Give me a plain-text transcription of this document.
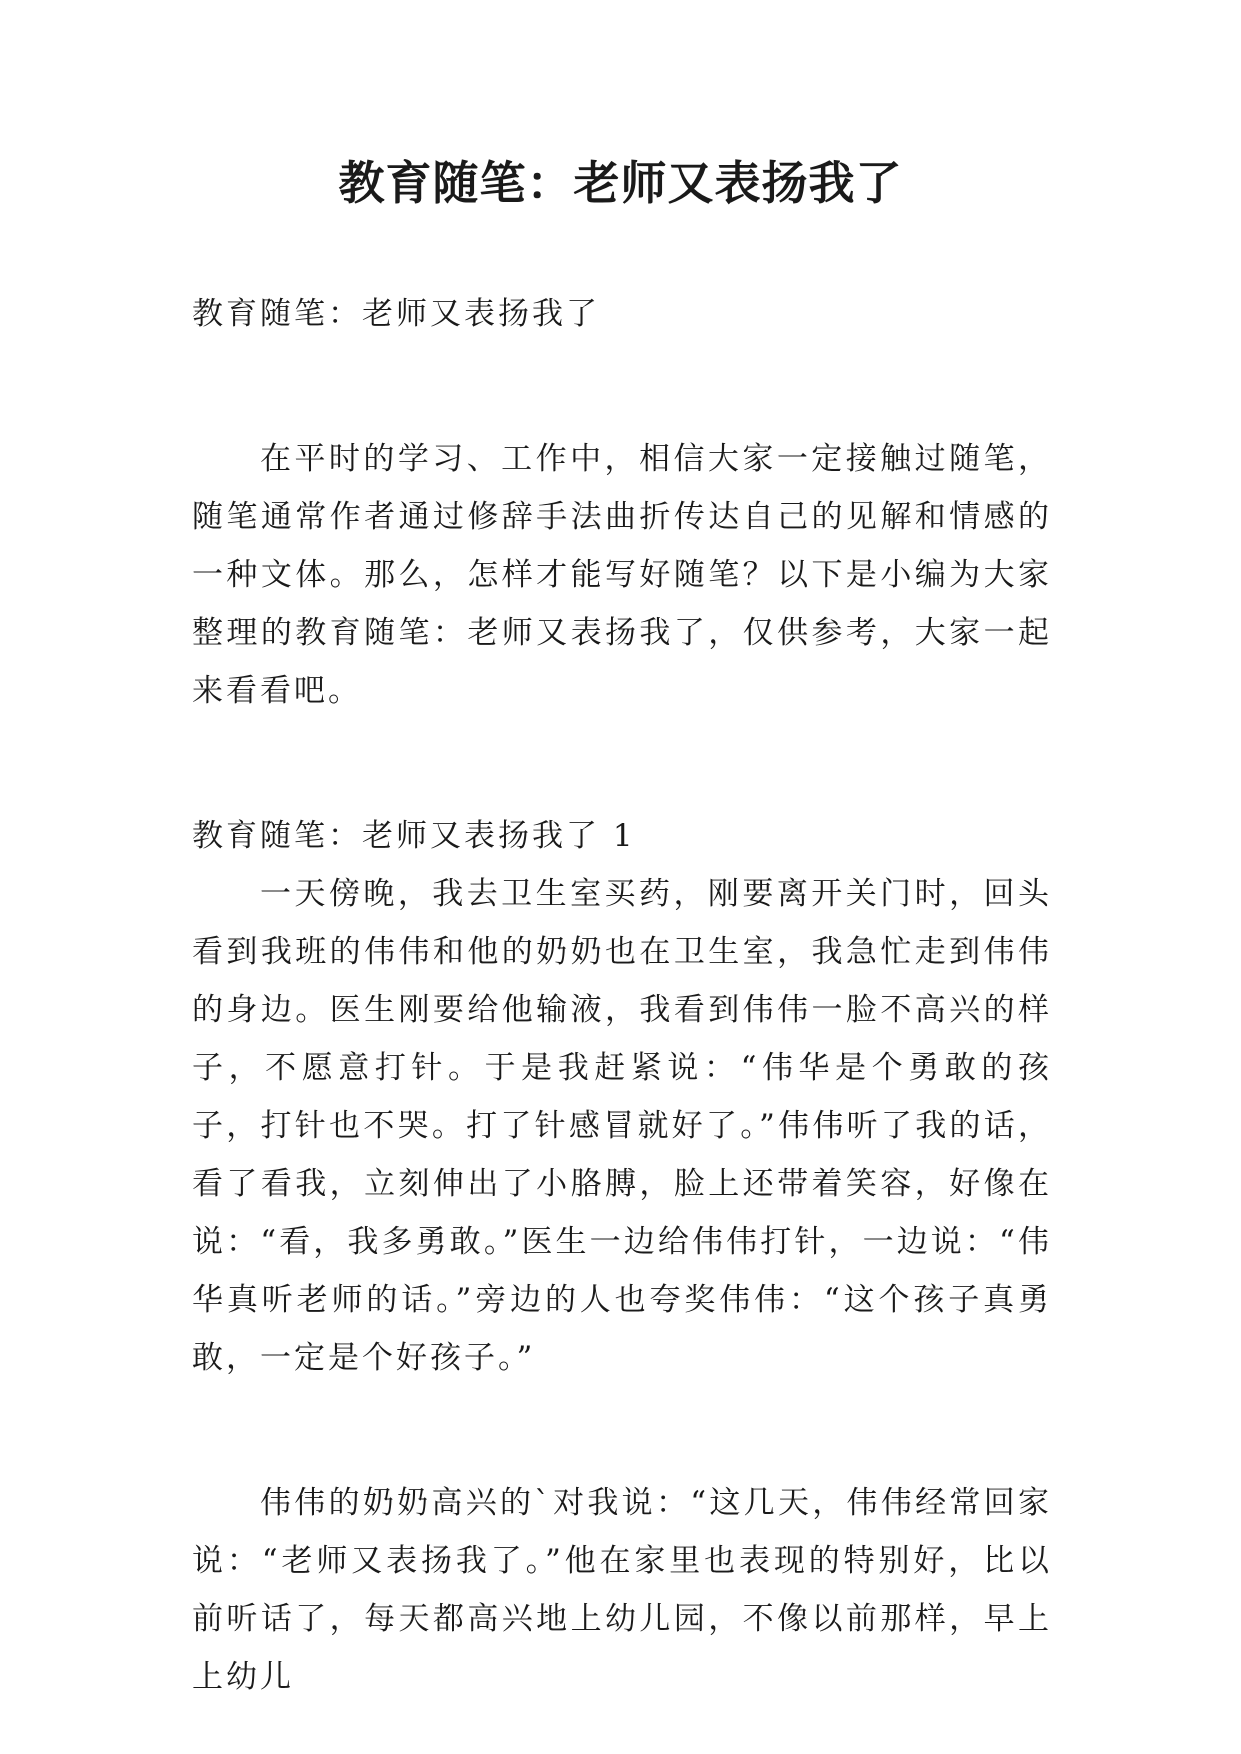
教育随笔：老师又表扬我了

教育随笔：老师又表扬我了

在平时的学习、工作中，相信大家一定接触过随笔，随笔通常作者通过修辞手法曲折传达自己的见解和情感的一种文体。那么，怎样才能写好随笔？以下是小编为大家整理的教育随笔：老师又表扬我了，仅供参考，大家一起来看看吧。

教育随笔：老师又表扬我了 1

一天傍晚，我去卫生室买药，刚要离开关门时，回头看到我班的伟伟和他的奶奶也在卫生室，我急忙走到伟伟的身边。医生刚要给他输液，我看到伟伟一脸不高兴的样子，不愿意打针。于是我赶紧说：“伟华是个勇敢的孩子，打针也不哭。打了针感冒就好了。”伟伟听了我的话，看了看我，立刻伸出了小胳膊，脸上还带着笑容，好像在说：“看，我多勇敢。”医生一边给伟伟打针，一边说：“伟华真听老师的话。”旁边的人也夸奖伟伟：“这个孩子真勇敢，一定是个好孩子。”

伟伟的奶奶高兴的`对我说：“这几天，伟伟经常回家说：“老师又表扬我了。”他在家里也表现的特别好，比以前听话了，每天都高兴地上幼儿园，不像以前那样，早上上幼儿
